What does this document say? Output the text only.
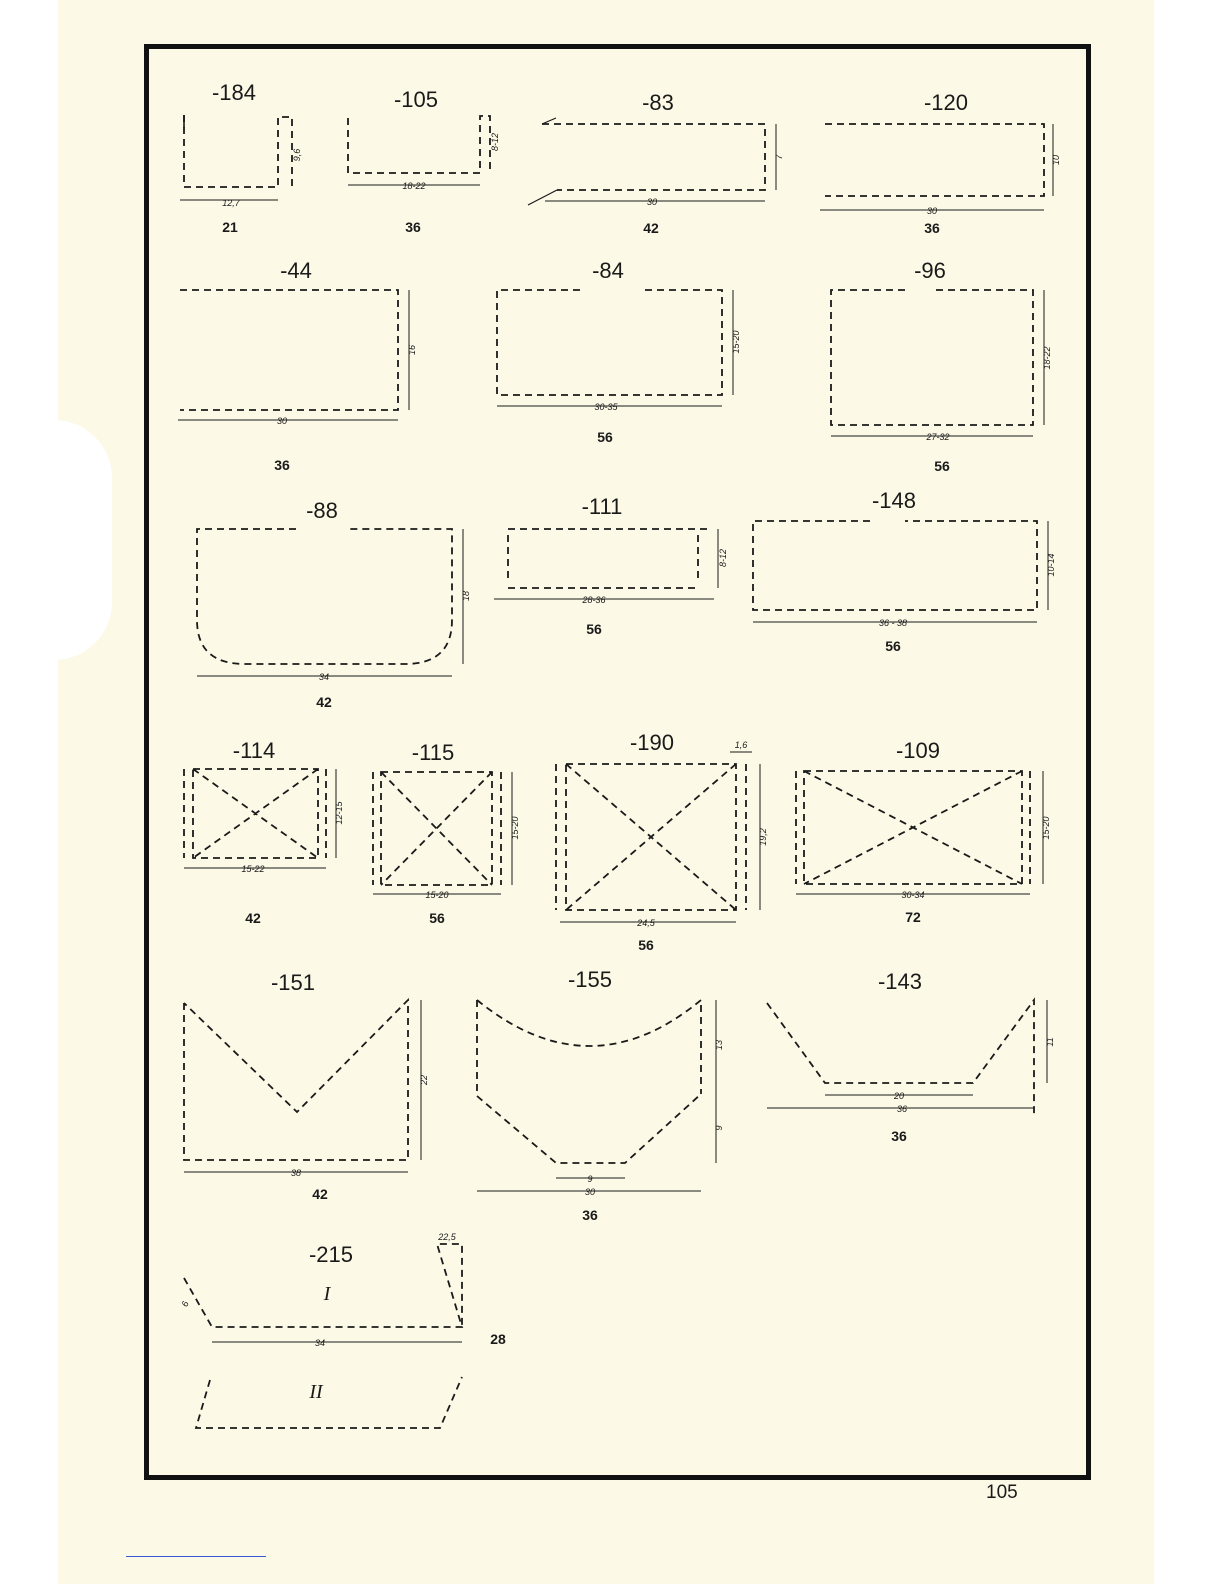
-184
12,7
9,6
21
-105
18-22
8-12
36
-83
30
7
42
-120
30
10
36
-44
30
16
36
-84
30-35
15-20
56
-96
27-32
18-22
56
-88
34
18
42
-111
28-36
8-12
56
-148
36 - 38
10-14
56
-114
15-22
12-15
42
-115
15-20
15-20
56
-190
24,5
19,2
1,6
56
-109
30-34
15-20
72
-151
38
22
42
-155
30
9
13
9
36
-143
20
36
11
36
-215
I
34
6
22,5
28
II
105
